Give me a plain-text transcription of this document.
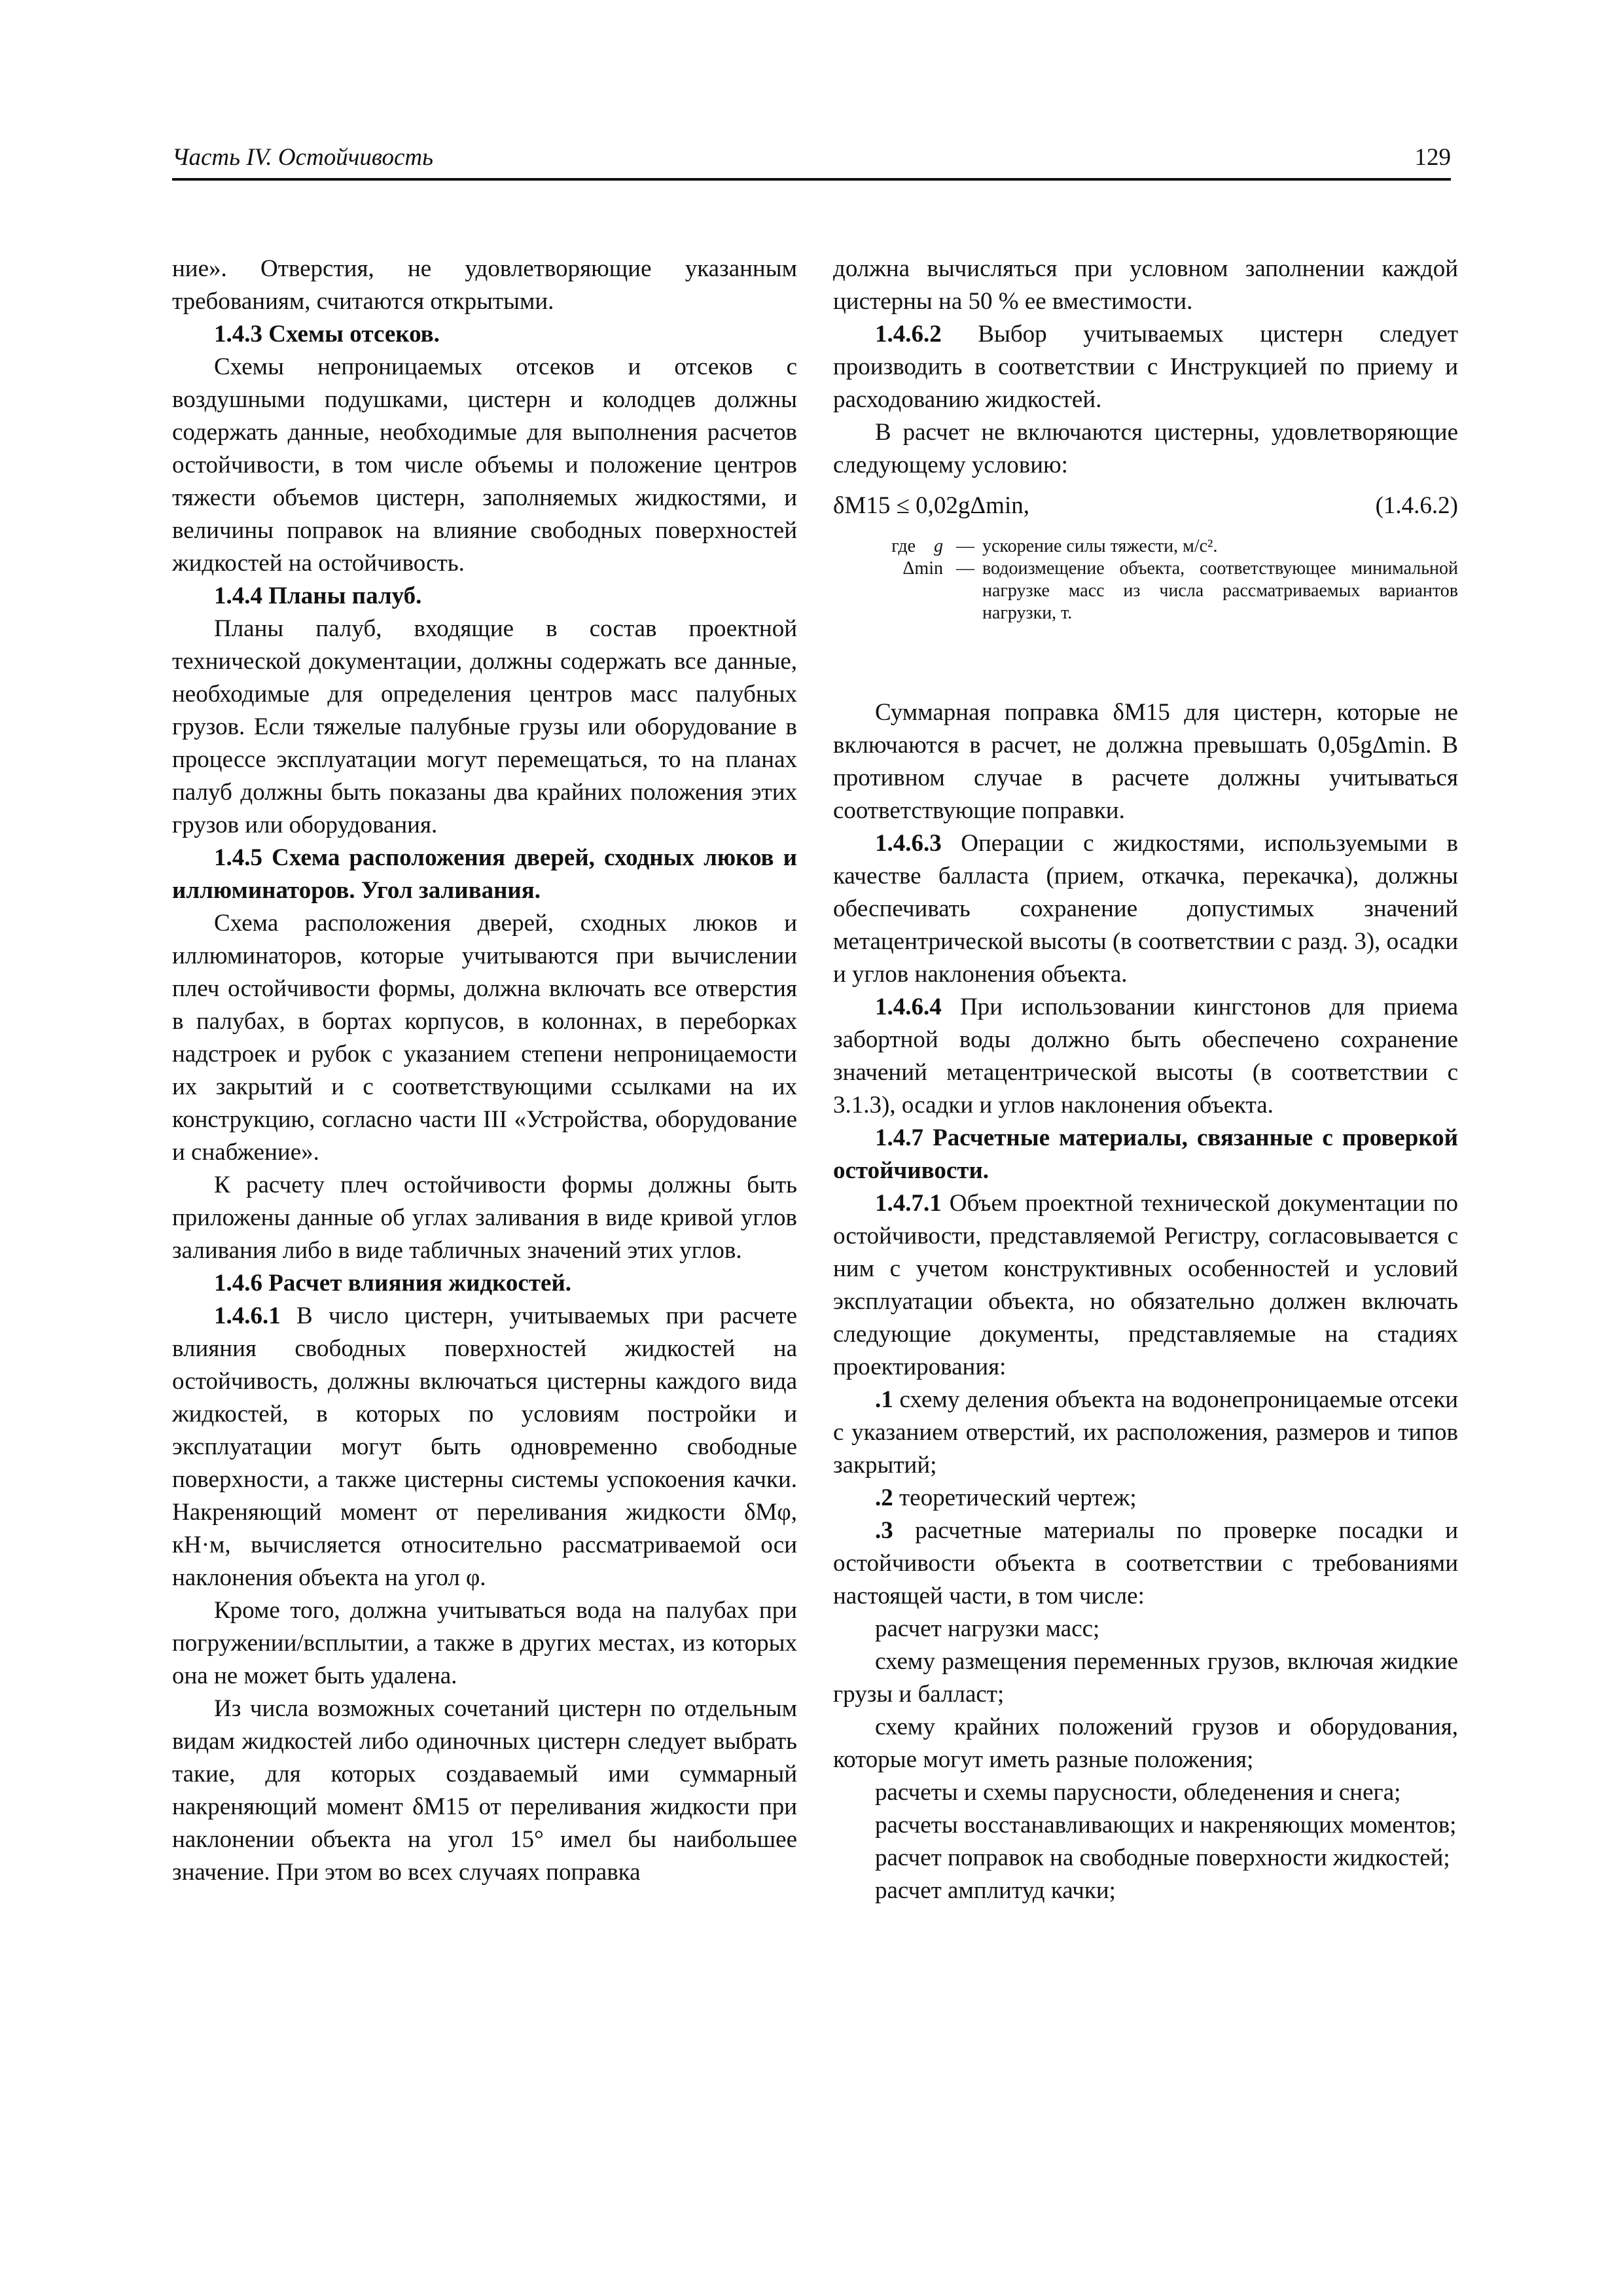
Часть IV. Остойчивость	129

ние». Отверстия, не удовлетворяющие указанным требованиям, считаются открытыми.

1.4.3 Схемы отсеков.

Схемы непроницаемых отсеков и отсеков с воздушными подушками, цистерн и колодцев должны содержать данные, необходимые для выполнения расчетов остойчивости, в том числе объемы и положение центров тяжести объемов цистерн, заполняемых жидкостями, и величины поправок на влияние свободных поверхностей жидкостей на остойчивость.

1.4.4 Планы палуб.

Планы палуб, входящие в состав проектной технической документации, должны содержать все данные, необходимые для определения центров масс палубных грузов. Если тяжелые палубные грузы или оборудование в процессе эксплуатации могут перемещаться, то на планах палуб должны быть показаны два крайних положения этих грузов или оборудования.

1.4.5 Схема расположения дверей, сходных люков и иллюминаторов. Угол заливания.

Схема расположения дверей, сходных люков и иллюминаторов, которые учитываются при вычислении плеч остойчивости формы, должна включать все отверстия в палубах, в бортах корпусов, в колоннах, в переборках надстроек и рубок с указанием степени непроницаемости их закрытий и с соответствующими ссылками на их конструкцию, согласно части III «Устройства, оборудование и снабжение».

К расчету плеч остойчивости формы должны быть приложены данные об углах заливания в виде кривой углов заливания либо в виде табличных значений этих углов.

1.4.6 Расчет влияния жидкостей.

1.4.6.1 В число цистерн, учитываемых при расчете влияния свободных поверхностей жидкостей на остойчивость, должны включаться цистерны каждого вида жидкостей, в которых по условиям постройки и эксплуатации могут быть одновременно свободные поверхности, а также цистерны системы успокоения качки. Накреняющий момент от переливания жидкости δMφ, кН·м, вычисляется относительно рассматриваемой оси наклонения объекта на угол φ.

Кроме того, должна учитываться вода на палубах при погружении/всплытии, а также в других местах, из которых она не может быть удалена.

Из числа возможных сочетаний цистерн по отдельным видам жидкостей либо одиночных цистерн следует выбрать такие, для которых создаваемый ими суммарный накреняющий момент δM15 от переливания жидкости при наклонении объекта на угол 15° имел бы наибольшее значение. При этом во всех случаях поправка

должна вычисляться при условном заполнении каждой цистерны на 50 % ее вместимости.

1.4.6.2 Выбор учитываемых цистерн следует производить в соответствии с Инструкцией по приему и расходованию жидкостей.

В расчет не включаются цистерны, удовлетворяющие следующему условию:

δM15 ≤ 0,02gΔmin,	(1.4.6.2)
где g — ускорение силы тяжести, м/с².
Δmin — водоизмещение объекта, соответствующее минимальной нагрузке масс из числа рассматриваемых вариантов нагрузки, т.

Суммарная поправка δM15 для цистерн, которые не включаются в расчет, не должна превышать 0,05gΔmin. В противном случае в расчете должны учитываться соответствующие поправки.

1.4.6.3 Операции с жидкостями, используемыми в качестве балласта (прием, откачка, перекачка), должны обеспечивать сохранение допустимых значений метацентрической высоты (в соответствии с разд. 3), осадки и углов наклонения объекта.

1.4.6.4 При использовании кингстонов для приема забортной воды должно быть обеспечено сохранение значений метацентрической высоты (в соответствии с 3.1.3), осадки и углов наклонения объекта.

1.4.7 Расчетные материалы, связанные с проверкой остойчивости.

1.4.7.1 Объем проектной технической документации по остойчивости, представляемой Регистру, согласовывается с ним с учетом конструктивных особенностей и условий эксплуатации объекта, но обязательно должен включать следующие документы, представляемые на стадиях проектирования:

.1 схему деления объекта на водонепроницаемые отсеки с указанием отверстий, их расположения, размеров и типов закрытий;

.2 теоретический чертеж;

.3 расчетные материалы по проверке посадки и остойчивости объекта в соответствии с требованиями настоящей части, в том числе:

расчет нагрузки масс;

схему размещения переменных грузов, включая жидкие грузы и балласт;

схему крайних положений грузов и оборудования, которые могут иметь разные положения;

расчеты и схемы парусности, обледенения и снега;

расчеты восстанавливающих и накреняющих моментов;

расчет поправок на свободные поверхности жидкостей;

расчет амплитуд качки;
